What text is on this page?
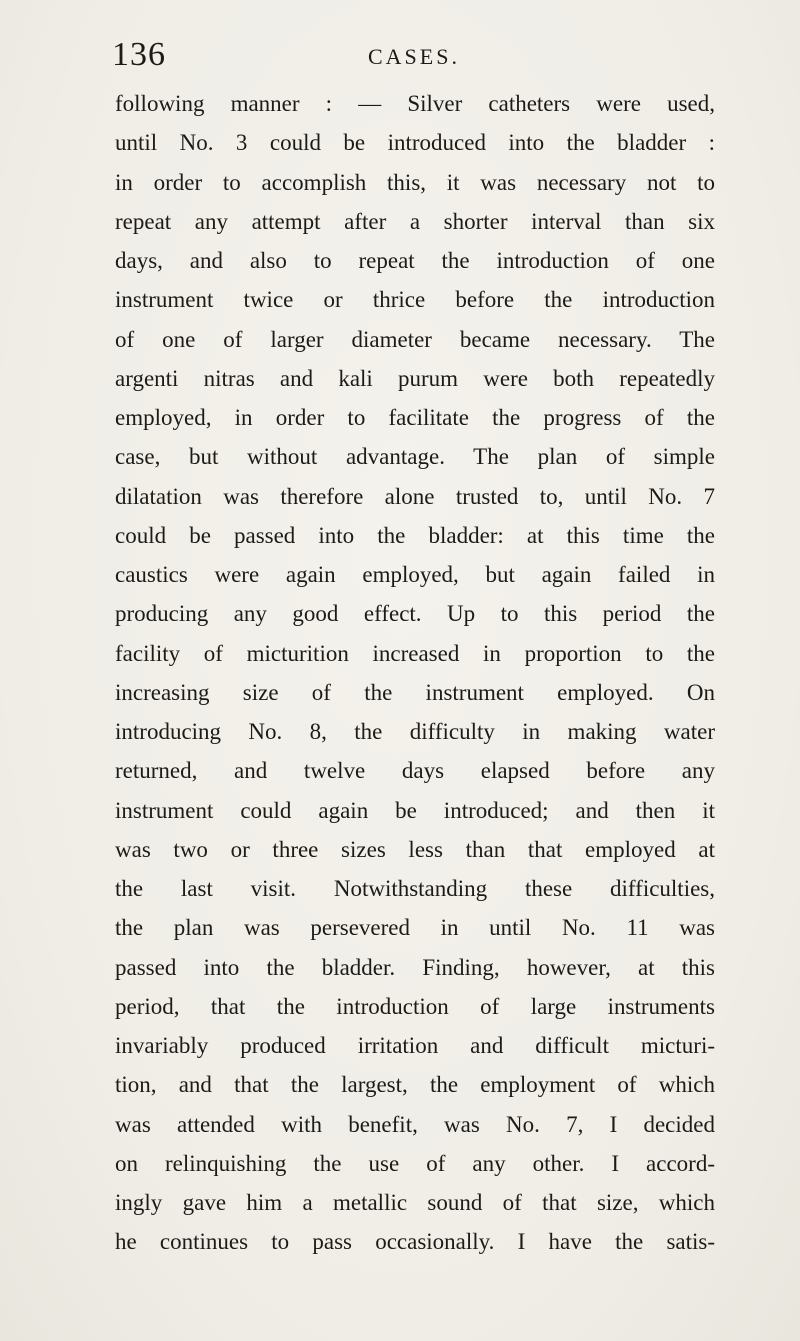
136	CASES.
following manner : — Silver catheters were used,
until No. 3 could be introduced into the bladder :
in order to accomplish this, it was necessary not to
repeat any attempt after a shorter interval than six
days, and also to repeat the introduction of one
instrument twice or thrice before the introduction
of one of larger diameter became necessary. The
argenti nitras and kali purum were both repeatedly
employed, in order to facilitate the progress of the
case, but without advantage. The plan of simple
dilatation was therefore alone trusted to, until No. 7
could be passed into the bladder: at this time the
caustics were again employed, but again failed in
producing any good effect. Up to this period the
facility of micturition increased in proportion to the
increasing size of the instrument employed. On
introducing No. 8, the difficulty in making water
returned, and twelve days elapsed before any
instrument could again be introduced; and then it
was two or three sizes less than that employed at
the last visit. Notwithstanding these difficulties,
the plan was persevered in until No. 11 was
passed into the bladder. Finding, however, at this
period, that the introduction of large instruments
invariably produced irritation and difficult micturi-
tion, and that the largest, the employment of which
was attended with benefit, was No. 7, I decided
on relinquishing the use of any other. I accord-
ingly gave him a metallic sound of that size, which
he continues to pass occasionally. I have the satis-
